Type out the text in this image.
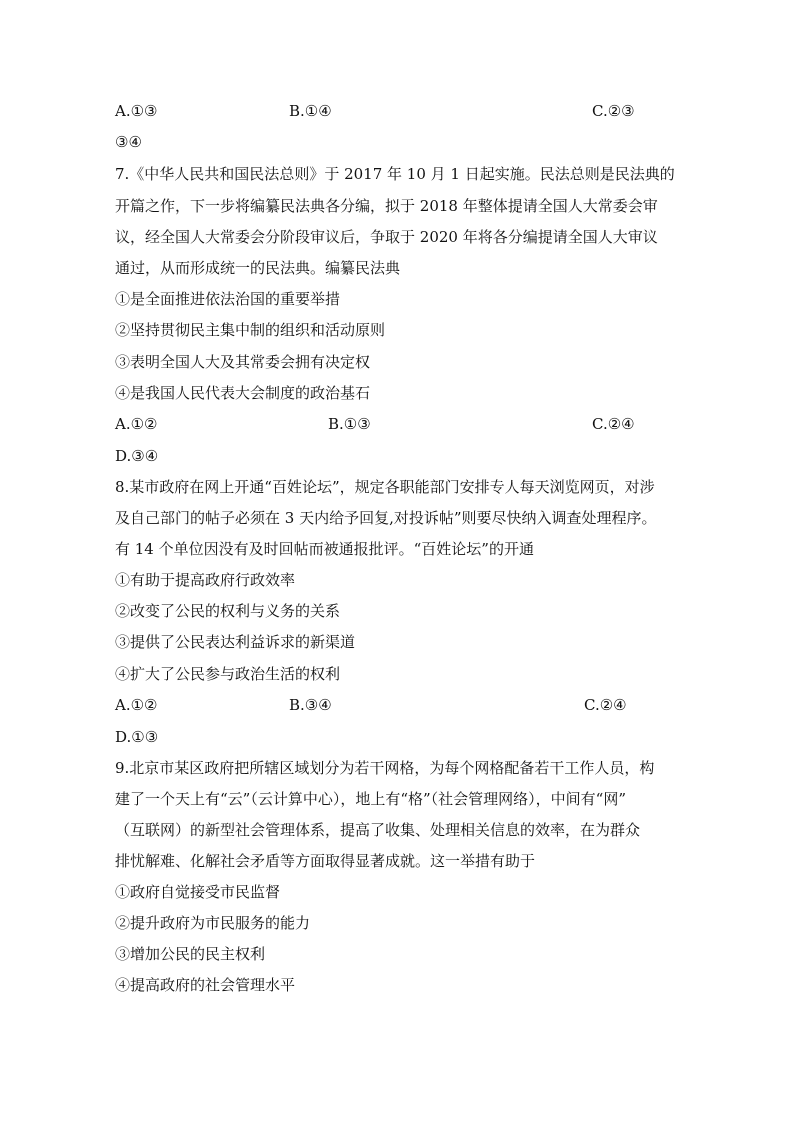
A.①③	B.①④	C.②③
③④
7.《中华人民共和国民法总则》于 2017 年 10 月 1 日起实施。民法总则是民法典的
开篇之作，下一步将编纂民法典各分编，拟于 2018 年整体提请全国人大常委会审
议，经全国人大常委会分阶段审议后，争取于 2020 年将各分编提请全国人大审议
通过，从而形成统一的民法典。编纂民法典
①是全面推进依法治国的重要举措
②坚持贯彻民主集中制的组织和活动原则
③表明全国人大及其常委会拥有决定权
④是我国人民代表大会制度的政治基石
A.①②	B.①③	C.②④
D.③④
8.某市政府在网上开通“百姓论坛”，规定各职能部门安排专人每天浏览网页，对涉
及自己部门的帖子必须在 3 天内给予回复,对投诉帖”则要尽快纳入调查处理程序。
有 14 个单位因没有及时回帖而被通报批评。“百姓论坛”的开通
①有助于提高政府行政效率
②改变了公民的权利与义务的关系
③提供了公民表达利益诉求的新渠道
④扩大了公民参与政治生活的权利
A.①②	B.③④	C.②④
D.①③
9.北京市某区政府把所辖区域划分为若干网格，为每个网格配备若干工作人员，构
建了一个天上有“云”（云计算中心），地上有“格”（社会管理网络），中间有“网”
（互联网）的新型社会管理体系，提高了收集、处理相关信息的效率，在为群众
排忧解难、化解社会矛盾等方面取得显著成就。这一举措有助于
①政府自觉接受市民监督
②提升政府为市民服务的能力
③增加公民的民主权利
④提高政府的社会管理水平
